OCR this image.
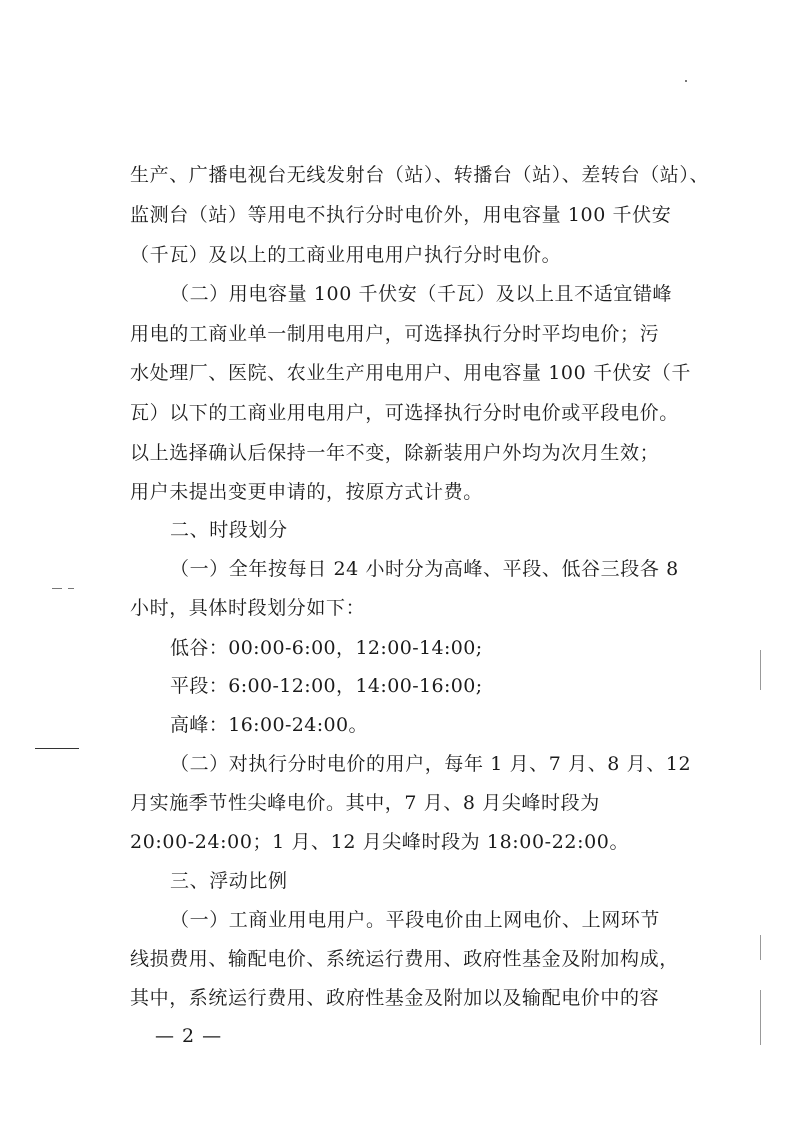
生产、广播电视台无线发射台（站）、转播台（站）、差转台（站）、
监测台（站）等用电不执行分时电价外，用电容量 100 千伏安
（千瓦）及以上的工商业用电用户执行分时电价。
（二）用电容量 100 千伏安（千瓦）及以上且不适宜错峰
用电的工商业单一制用电用户，可选择执行分时平均电价；污
水处理厂、医院、农业生产用电用户、用电容量 100 千伏安（千
瓦）以下的工商业用电用户，可选择执行分时电价或平段电价。
以上选择确认后保持一年不变，除新装用户外均为次月生效；
用户未提出变更申请的，按原方式计费。
二、时段划分
（一）全年按每日 24 小时分为高峰、平段、低谷三段各 8
小时，具体时段划分如下：
低谷：00:00-6:00，12:00-14:00;
平段：6:00-12:00，14:00-16:00;
高峰：16:00-24:00。
（二）对执行分时电价的用户，每年 1 月、7 月、8 月、12
月实施季节性尖峰电价。其中，7 月、8 月尖峰时段为
20:00-24:00；1 月、12 月尖峰时段为 18:00-22:00。
三、浮动比例
（一）工商业用电用户。平段电价由上网电价、上网环节
线损费用、输配电价、系统运行费用、政府性基金及附加构成，
其中，系统运行费用、政府性基金及附加以及输配电价中的容
— 2 —
